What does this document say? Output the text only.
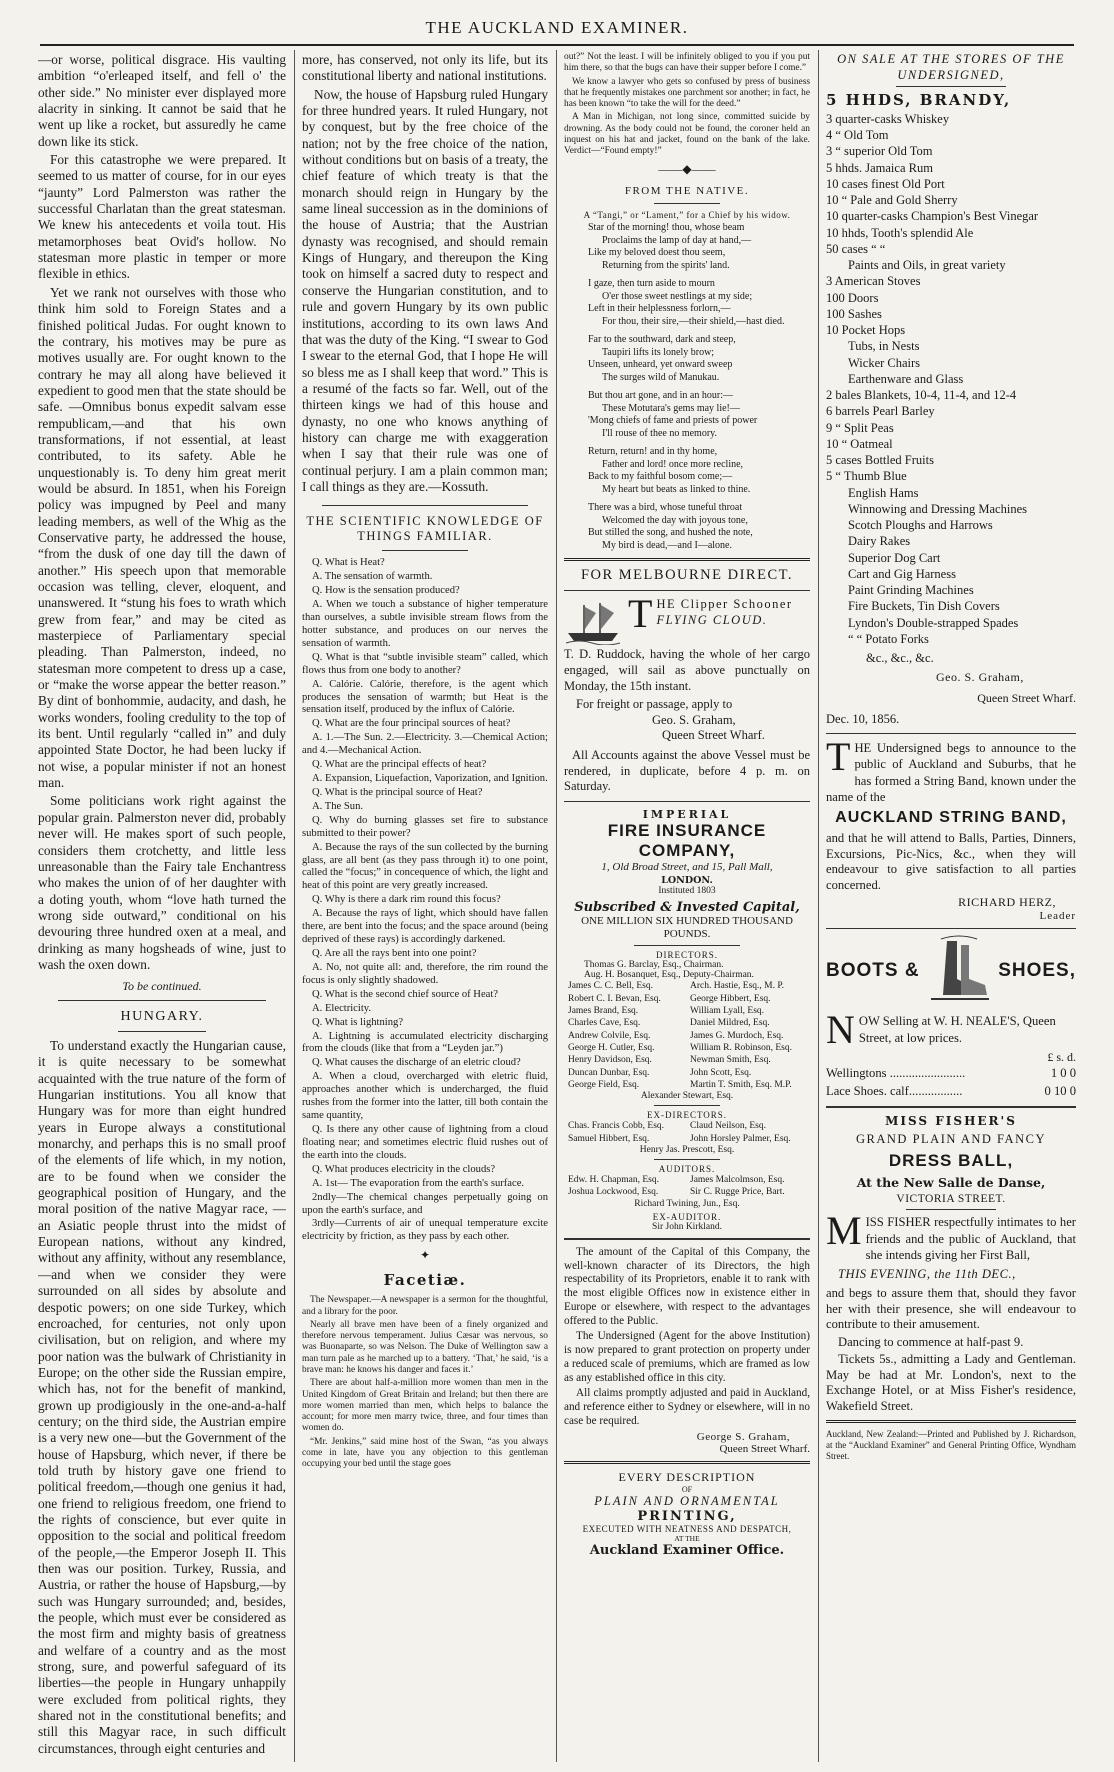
THE AUCKLAND EXAMINER.

—or worse, political disgrace. His vaulting ambition “o'erleaped itself, and fell o' the other side.” No minister ever displayed more alacrity in sinking. It cannot be said that he went up like a rocket, but assuredly he came down like its stick.

For this catastrophe we were prepared. It seemed to us matter of course, for in our eyes “jaunty” Lord Palmerston was rather the successful Charlatan than the great statesman. We knew his antecedents et voila tout. His metamorphoses beat Ovid's hollow. No statesman more plastic in temper or more flexible in ethics.

Yet we rank not ourselves with those who think him sold to Foreign States and a finished political Judas. For ought known to the contrary, his motives may be pure as motives usually are. For ought known to the contrary he may all along have believed it expedient to good men that the state should be safe. —Omnibus bonus expedit salvam esse rempublicam,—and that his own transformations, if not essential, at least contributed, to its safety. Able he unquestionably is. To deny him great merit would be absurd. In 1851, when his Foreign policy was impugned by Peel and many leading members, as well of the Whig as the Conservative party, he addressed the house, “from the dusk of one day till the dawn of another.” His speech upon that memorable occasion was telling, clever, eloquent, and unanswered. It “stung his foes to wrath which grew from fear,” and may be cited as masterpiece of Parliamentary special pleading. Than Palmerston, indeed, no statesman more competent to dress up a case, or “make the worse appear the better reason.” By dint of bonhommie, audacity, and dash, he works wonders, fooling credulity to the top of its bent. Until regularly “called in” and duly appointed State Doctor, he had been lucky if not wise, a popular minister if not an honest man.

Some politicians work right against the popular grain. Palmerston never did, probably never will. He makes sport of such people, considers them crotchetty, and little less unreasonable than the Fairy tale Enchantress who makes the union of of her daughter with a doting youth, whom “love hath turned the wrong side outward,” conditional on his devouring three hundred oxen at a meal, and drinking as many hogsheads of wine, just to wash the oxen down.

To be continued.

HUNGARY.

To understand exactly the Hungarian cause, it is quite necessary to be somewhat acquainted with the true nature of the form of Hungarian institutions. You all know that Hungary was for more than eight hundred years in Europe always a constitutional monarchy, and perhaps this is no small proof of the elements of life which, in my notion, are to be found when we consider the geographical position of Hungary, and the moral position of the native Magyar race, —an Asiatic people thrust into the midst of European nations, without any kindred, without any affinity, without any resemblance,—and when we consider they were surrounded on all sides by absolute and despotic powers; on one side Turkey, which encroached, for centuries, not only upon civilisation, but on religion, and where my poor nation was the bulwark of Christianity in Europe; on the other side the Russian empire, which has, not for the benefit of mankind, grown up prodigiously in the one-and-a-half century; on the third side, the Austrian empire is a very new one—but the Government of the house of Hapsburg, which never, if there be told truth by history gave one friend to political freedom,—though one genius it had, one friend to religious freedom, one friend to the rights of conscience, but ever quite in opposition to the social and political freedom of the people,—the Emperor Joseph II. This then was our position. Turkey, Russia, and Austria, or rather the house of Hapsburg,—by such was Hungary surrounded; and, besides, the people, which must ever be considered as the most firm and mighty basis of greatness and welfare of a country and as the most strong, sure, and powerful safeguard of its liberties—the people in Hungary unhappily were excluded from political rights, they shared not in the constitutional benefits; and still this Magyar race, in such difficult circumstances, through eight centuries and

more, has conserved, not only its life, but its constitutional liberty and national institutions.

Now, the house of Hapsburg ruled Hungary for three hundred years. It ruled Hungary, not by conquest, but by the free choice of the nation; not by the free choice of the nation, without conditions but on basis of a treaty, the chief feature of which treaty is that the monarch should reign in Hungary by the same lineal succession as in the dominions of the house of Austria; that the Austrian dynasty was recognised, and should remain Kings of Hungary, and thereupon the King took on himself a sacred duty to respect and conserve the Hungarian constitution, and to rule and govern Hungary by its own public institutions, according to its own laws And that was the duty of the King. “I swear to God I swear to the eternal God, that I hope He will so bless me as I shall keep that word.” This is a resumé of the facts so far. Well, out of the thirteen kings we had of this house and dynasty, no one who knows anything of history can charge me with exaggeration when I say that their rule was one of continual perjury. I am a plain common man; I call things as they are.—Kossuth.

THE SCIENTIFIC KNOWLEDGE OF THINGS FAMILIAR.

Q. What is Heat?

A. The sensation of warmth.

Q. How is the sensation produced?

A. When we touch a substance of higher temperature than ourselves, a subtle invisible stream flows from the hotter substance, and produces on our nerves the sensation of warmth.

Q. What is that “subtle invisible steam” called, which flows thus from one body to another?

A. Calórie. Calórie, therefore, is the agent which produces the sensation of warmth; but Heat is the sensation itself, produced by the influx of Calórie.

Q. What are the four principal sources of heat?

A. 1.—The Sun. 2.—Electricity. 3.—Chemical Action; and 4.—Mechanical Action.

Q. What are the principal effects of heat?

A. Expansion, Liquefaction, Vaporization, and Ignition.

Q. What is the principal source of Heat?

A. The Sun.

Q. Why do burning glasses set fire to substance submitted to their power?

A. Because the rays of the sun collected by the burning glass, are all bent (as they pass through it) to one point, called the “focus;” in concequence of which, the light and heat of this point are very greatly increased.

Q. Why is there a dark rim round this focus?

A. Because the rays of light, which should have fallen there, are bent into the focus; and the space around (being deprived of these rays) is accordingly darkened.

Q. Are all the rays bent into one point?

A. No, not quite all: and, therefore, the rim round the focus is only slightly shadowed.

Q. What is the second chief source of Heat?

A. Electricity.

Q. What is lightning?

A. Lightning is accumulated electricity discharging from the clouds (like that from a “Leyden jar.”)

Q. What causes the discharge of an eletric cloud?

A. When a cloud, overcharged with eletric fluid, approaches another which is undercharged, the fluid rushes from the former into the latter, till both contain the same quantity,

Q. Is there any other cause of lightning from a cloud floating near; and sometimes electric fluid rushes out of the earth into the clouds.

Q. What produces electricity in the clouds?

A. 1st— The evaporation from the earth's surface.

2ndly—The chemical changes perpetually going on upon the earth's surface, and

3rdly—Currents of air of unequal temperature excite electricity by friction, as they pass by each other.

✦
Facetiæ.

The Newspaper.—A newspaper is a sermon for the thoughtful, and a library for the poor.

Nearly all brave men have been of a finely organized and therefore nervous temperament. Julius Cæsar was nervous, so was Buonaparte, so was Nelson. The Duke of Wellington saw a man turn pale as he marched up to a battery. ‘That,’ he said, ‘is a brave man: he knows his danger and faces it.’

There are about half-a-million more women than men in the United Kingdom of Great Britain and Ireland; but then there are more women married than men, which helps to balance the account; for more men marry twice, three, and four times than women do.

“Mr. Jenkins,” said mine host of the Swan, “as you always come in late, have you any objection to this gentleman occupying your bed until the stage goes

out?” Not the least. I will be infinitely obliged to you if you put him there, so that the bugs can have their supper before I come.”

We know a lawyer who gets so confused by press of business that he frequently mistakes one parchment sor another; in fact, he has been known “to take the will for the deed.”

A Man in Michigan, not long since, committed suicide by drowning. As the body could not be found, the coroner held an inquest on his hat and jacket, found on the bank of the lake. Verdict—“Found empty!”

——◆——
FROM THE NATIVE.

A “Tangi,” or “Lament,” for a Chief by his widow.

Star of the morning! thou, whose beam
Proclaims the lamp of day at hand,—
Like my beloved doest thou seem,
Returning from the spirits' land.
I gaze, then turn aside to mourn
O'er those sweet nestlings at my side;
Left in their helplessness forlorn,—
For thou, their sire,—their shield,—hast died.
Far to the southward, dark and steep,
Taupiri lifts its lonely brow;
Unseen, unheard, yet onward sweep
The surges wild of Manukau.
But thou art gone, and in an hour:—
These Motutara's gems may lie!—
'Mong chiefs of fame and priests of power
I'll rouse of thee no memory.
Return, return! and in thy home,
Father and lord! once more recline,
Back to my faithful bosom come;—
My heart but beats as linked to thine.
There was a bird, whose tuneful throat
Welcomed the day with joyous tone,
But stilled the song, and hushed the note,
My bird is dead,—and I—alone.
FOR MELBOURNE DIRECT.
T HE Clipper Schooner
FLYING CLOUD.
T. D. Ruddock, having the whole of her cargo engaged, will sail as above punctually on Monday, the 15th instant.
For freight or passage, apply to
Geo. S. Graham,
Queen Street Wharf.
All Accounts against the above Vessel must be rendered, in duplicate, before 4 p. m. on Saturday.
IMPERIAL
FIRE INSURANCE COMPANY,
1, Old Broad Street, and 15, Pall Mall,
LONDON.
Instituted 1803
Subscribed & Invested Capital,
ONE MILLION SIX HUNDRED THOUSAND POUNDS.
DIRECTORS.
Thomas G. Barclay, Esq., Chairman.
Aug. H. Bosanquet, Esq., Deputy-Chairman.
James C. C. Bell, Esq.	Arch. Hastie, Esq., M. P.
Robert C. I. Bevan, Esq.	George Hibbert, Esq.
James Brand, Esq.	William Lyall, Esq.
Charles Cave, Esq.	Daniel Mildred, Esq.
Andrew Colvile, Esq.	James G. Murdoch, Esq.
George H. Cutler, Esq.	William R. Robinson, Esq.
Henry Davidson, Esq.	Newman Smith, Esq.
Duncan Dunbar, Esq.	John Scott, Esq.
George Field, Esq.	Martin T. Smith, Esq. M.P.
Alexander Stewart, Esq.
EX-DIRECTORS.
Chas. Francis Cobb, Esq.	Claud Neilson, Esq.
Samuel Hibbert, Esq.	John Horsley Palmer, Esq.
Henry Jas. Prescott, Esq.
AUDITORS.
Edw. H. Chapman, Esq.	James Malcolmson, Esq.
Joshua Lockwood, Esq.	Sir C. Rugge Price, Bart.
Richard Twining, Jun., Esq.
EX-AUDITOR.
Sir John Kirkland.

The amount of the Capital of this Company, the well-known character of its Directors, the high respectability of its Proprietors, enable it to rank with the most eligible Offices now in existence either in Europe or elsewhere, with respect to the advantages offered to the Public.

The Undersigned (Agent for the above Institution) is now prepared to grant protection on property under a reduced scale of premiums, which are framed as low as any established office in this city.

All claims promptly adjusted and paid in Auckland, and reference either to Sydney or elsewhere, will in no case be required.

George S. Graham,
Queen Street Wharf.
EVERY DESCRIPTION
OF
PLAIN AND ORNAMENTAL
PRINTING,
EXECUTED WITH NEATNESS AND DESPATCH,
AT THE
Auckland Examiner Office.
ON SALE AT THE STORES OF THE UNDERSIGNED,
5 HHDS, BRANDY,
3 quarter-casks Whiskey
4 “ Old Tom
3 “ superior Old Tom
5 hhds. Jamaica Rum
10 cases finest Old Port
10 “ Pale and Gold Sherry
10 quarter-casks Champion's Best Vinegar
10 hhds, Tooth's splendid Ale
50 cases “ “
Paints and Oils, in great variety
3 American Stoves
100 Doors
100 Sashes
10 Pocket Hops
Tubs, in Nests
Wicker Chairs
Earthenware and Glass
2 bales Blankets, 10-4, 11-4, and 12-4
6 barrels Pearl Barley
9 “ Split Peas
10 “ Oatmeal
5 cases Bottled Fruits
5 “ Thumb Blue
English Hams
Winnowing and Dressing Machines
Scotch Ploughs and Harrows
Dairy Rakes
Superior Dog Cart
Cart and Gig Harness
Paint Grinding Machines
Fire Buckets, Tin Dish Covers
Lyndon's Double-strapped Spades
“ “ Potato Forks
&c., &c., &c.
Geo. S. Graham,
Queen Street Wharf.
Dec. 10, 1856.
T HE Undersigned begs to announce to the public of Auckland and Suburbs, that he has formed a String Band, known under the name of the
AUCKLAND STRING BAND,

and that he will attend to Balls, Parties, Dinners, Excursions, Pic-Nics, &c., when they will endeavour to give satisfaction to all parties concerned.

RICHARD HERZ,
Leader
BOOTS &	SHOES,
N OW Selling at W. H. NEALE'S, Queen Street, at low prices.
£ s. d.
Wellingtons ........................	1 0 0
Lace Shoes. calf.................	0 10 0
MISS FISHER'S
GRAND PLAIN AND FANCY
DRESS BALL,
At the New Salle de Danse,
VICTORIA STREET.
M ISS FISHER respectfully intimates to her friends and the public of Auckland, that she intends giving her First Ball,
THIS EVENING, the 11th DEC.,

and begs to assure them that, should they favor her with their presence, she will endeavour to contribute to their amusement.

Dancing to commence at half-past 9.

Tickets 5s., admitting a Lady and Gentleman. May be had at Mr. London's, next to the Exchange Hotel, or at Miss Fisher's residence, Wakefield Street.

Auckland, New Zealand:—Printed and Published by J. Richardson, at the “Auckland Examiner” and General Printing Office, Wyndham Street.
